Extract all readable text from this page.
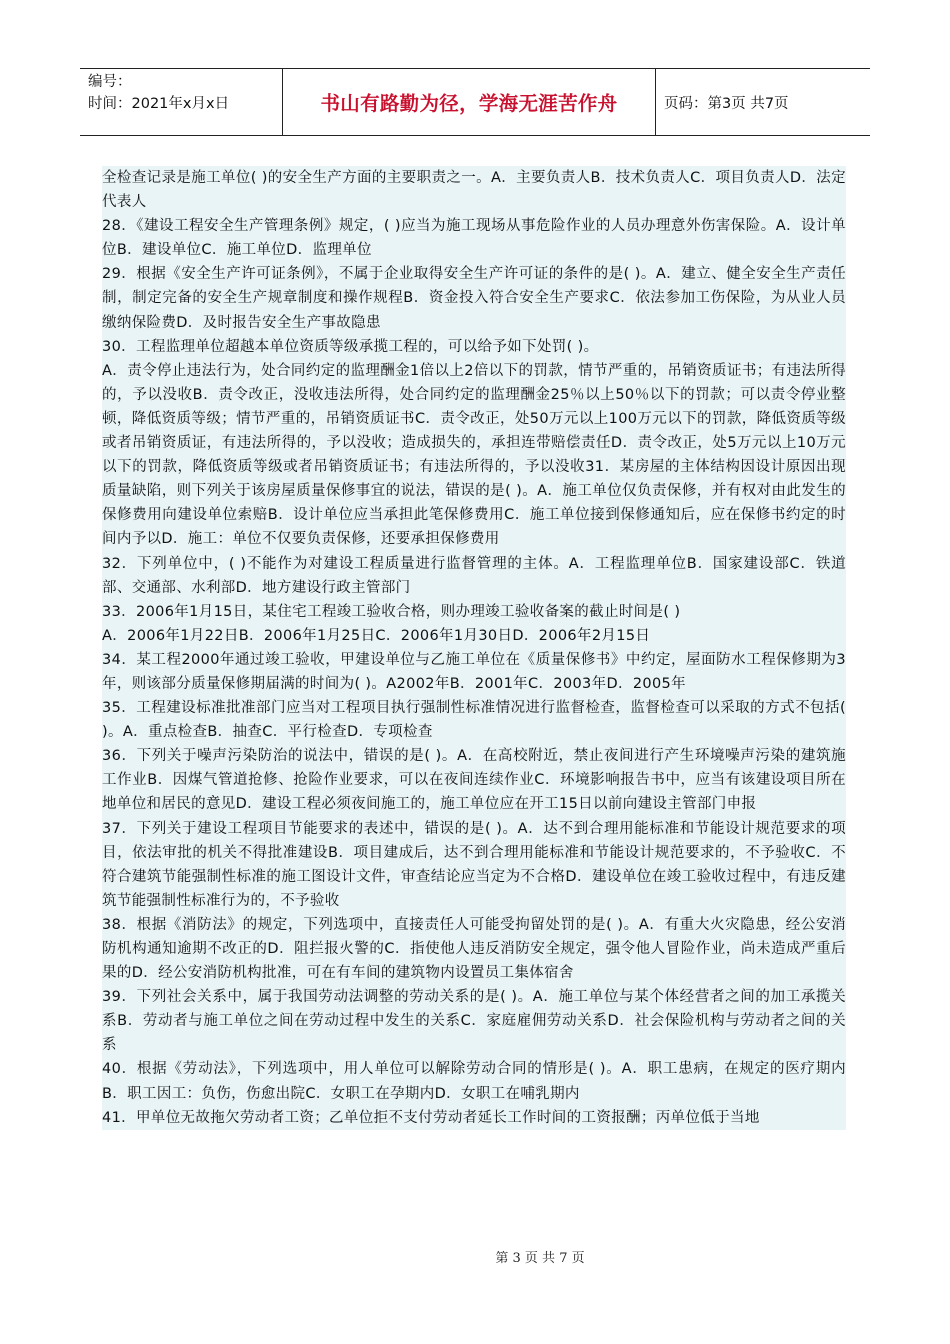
编号：
时间：2021年x月x日	书山有路勤为径，学海无涯苦作舟	页码：第3页 共7页

全检查记录是施工单位( )的安全生产方面的主要职责之一。A．主要负责人B．技术负责人C．项目负责人D．法定代表人

28．《建设工程安全生产管理条例》规定，( )应当为施工现场从事危险作业的人员办理意外伤害保险。A．设计单位B．建设单位C．施工单位D．监理单位

29．根据《安全生产许可证条例》，不属于企业取得安全生产许可证的条件的是( )。A．建立、健全安全生产责任制，制定完备的安全生产规章制度和操作规程B．资金投入符合安全生产要求C．依法参加工伤保险，为从业人员缴纳保险费D．及时报告安全生产事故隐患

30．工程监理单位超越本单位资质等级承揽工程的，可以给予如下处罚( )。

A．责令停止违法行为，处合同约定的监理酬金1倍以上2倍以下的罚款，情节严重的，吊销资质证书；有违法所得的，予以没收B．责令改正，没收违法所得，处合同约定的监理酬金25％以上50％以下的罚款；可以责令停业整顿，降低资质等级；情节严重的，吊销资质证书C．责令改正，处50万元以上100万元以下的罚款，降低资质等级或者吊销资质证，有违法所得的，予以没收；造成损失的，承担连带赔偿责任D．责令改正，处5万元以上10万元以下的罚款，降低资质等级或者吊销资质证书；有违法所得的，予以没收31．某房屋的主体结构因设计原因出现质量缺陷，则下列关于该房屋质量保修事宜的说法，错误的是( )。A．施工单位仅负责保修，并有权对由此发生的保修费用向建设单位索赔B．设计单位应当承担此笔保修费用C．施工单位接到保修通知后，应在保修书约定的时间内予以D．施工：单位不仅要负责保修，还要承担保修费用

32．下列单位中，( )不能作为对建设工程质量进行监督管理的主体。A．工程监理单位B．国家建设部C．铁道部、交通部、水利部D．地方建设行政主管部门

33．2006年1月15日，某住宅工程竣工验收合格，则办理竣工验收备案的截止时间是( )

A．2006年1月22日B．2006年1月25日C．2006年1月30日D．2006年2月15日

34．某工程2000年通过竣工验收，甲建设单位与乙施工单位在《质量保修书》中约定，屋面防水工程保修期为3年，则该部分质量保修期届满的时间为( )。A2002年B．2001年C．2003年D．2005年

35．工程建设标准批准部门应当对工程项目执行强制性标准情况进行监督检查，监督检查可以采取的方式不包括( )。A．重点检查B．抽查C．平行检查D．专项检查

36．下列关于噪声污染防治的说法中，错误的是( )。A．在高校附近，禁止夜间进行产生环境噪声污染的建筑施工作业B．因煤气管道抢修、抢险作业要求，可以在夜间连续作业C．环境影响报告书中，应当有该建设项目所在地单位和居民的意见D．建设工程必须夜间施工的，施工单位应在开工15日以前向建设主管部门申报

37．下列关于建设工程项目节能要求的表述中，错误的是( )。A．达不到合理用能标准和节能设计规范要求的项目，依法审批的机关不得批准建设B．项目建成后，达不到合理用能标准和节能设计规范要求的，不予验收C．不符合建筑节能强制性标准的施工图设计文件，审查结论应当定为不合格D．建设单位在竣工验收过程中，有违反建筑节能强制性标准行为的，不予验收

38．根据《消防法》的规定，下列选项中，直接责任人可能受拘留处罚的是( )。A．有重大火灾隐患，经公安消防机构通知逾期不改正的D．阻拦报火警的C．指使他人违反消防安全规定，强令他人冒险作业，尚未造成严重后果的D．经公安消防机构批准，可在有车间的建筑物内设置员工集体宿舍

39．下列社会关系中，属于我国劳动法调整的劳动关系的是( )。A．施工单位与某个体经营者之间的加工承揽关系B．劳动者与施工单位之间在劳动过程中发生的关系C．家庭雇佣劳动关系D．社会保险机构与劳动者之间的关系

40．根据《劳动法》，下列选项中，用人单位可以解除劳动合同的情形是( )。A．职工患病，在规定的医疗期内B．职工因工：负伤，伤愈出院C．女职工在孕期内D．女职工在哺乳期内

41．甲单位无故拖欠劳动者工资；乙单位拒不支付劳动者延长工作时间的工资报酬；丙单位低于当地

第 3 页 共 7 页
